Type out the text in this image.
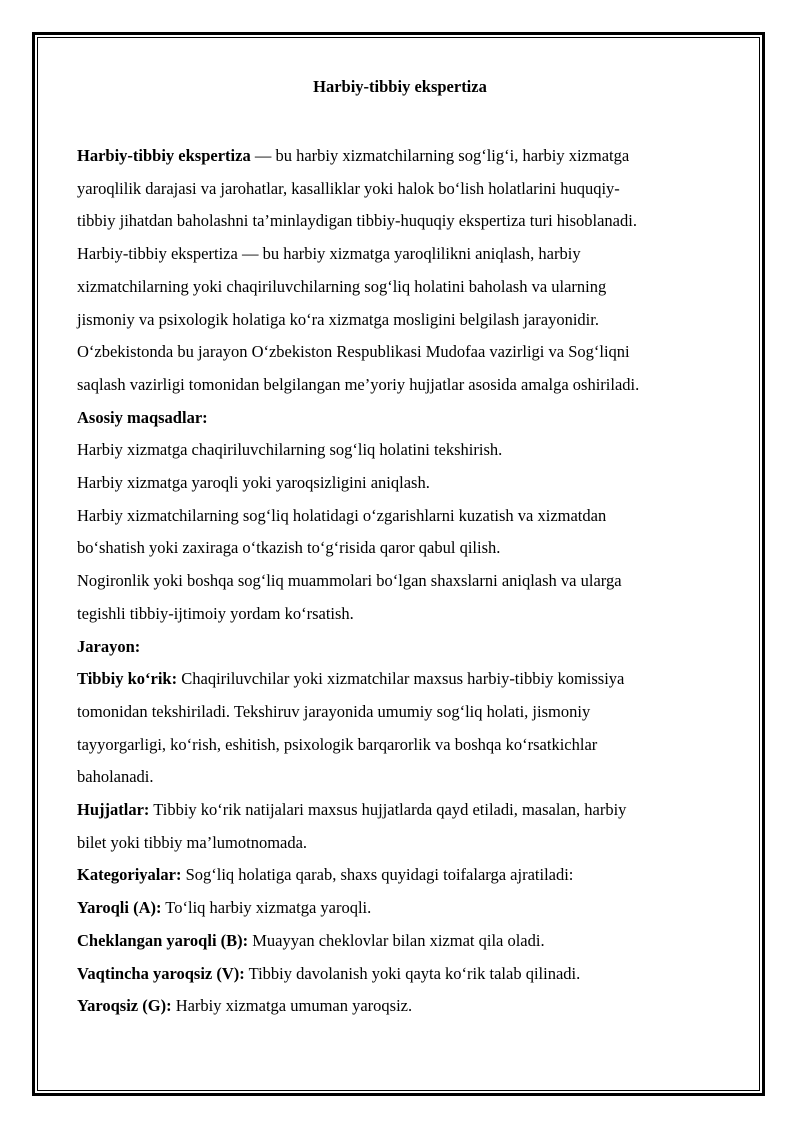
Harbiy-tibbiy ekspertiza

Harbiy-tibbiy ekspertiza — bu harbiy xizmatchilarning sog‘lig‘i, harbiy xizmatga

yaroqlilik darajasi va jarohatlar, kasalliklar yoki halok bo‘lish holatlarini huquqiy-

tibbiy jihatdan baholashni ta’minlaydigan tibbiy-huquqiy ekspertiza turi hisoblanadi.

Harbiy-tibbiy ekspertiza — bu harbiy xizmatga yaroqlilikni aniqlash, harbiy

xizmatchilarning yoki chaqiriluvchilarning sog‘liq holatini baholash va ularning

jismoniy va psixologik holatiga ko‘ra xizmatga mosligini belgilash jarayonidir.

O‘zbekistonda bu jarayon O‘zbekiston Respublikasi Mudofaa vazirligi va Sog‘liqni

saqlash vazirligi tomonidan belgilangan me’yoriy hujjatlar asosida amalga oshiriladi.

Asosiy maqsadlar:

Harbiy xizmatga chaqiriluvchilarning sog‘liq holatini tekshirish.

Harbiy xizmatga yaroqli yoki yaroqsizligini aniqlash.

Harbiy xizmatchilarning sog‘liq holatidagi o‘zgarishlarni kuzatish va xizmatdan

bo‘shatish yoki zaxiraga o‘tkazish to‘g‘risida qaror qabul qilish.

Nogironlik yoki boshqa sog‘liq muammolari bo‘lgan shaxslarni aniqlash va ularga

tegishli tibbiy-ijtimoiy yordam ko‘rsatish.

Jarayon:

Tibbiy ko‘rik: Chaqiriluvchilar yoki xizmatchilar maxsus harbiy-tibbiy komissiya

tomonidan tekshiriladi. Tekshiruv jarayonida umumiy sog‘liq holati, jismoniy

tayyorgarligi, ko‘rish, eshitish, psixologik barqarorlik va boshqa ko‘rsatkichlar

baholanadi.

Hujjatlar: Tibbiy ko‘rik natijalari maxsus hujjatlarda qayd etiladi, masalan, harbiy

bilet yoki tibbiy ma’lumotnomada.

Kategoriyalar: Sog‘liq holatiga qarab, shaxs quyidagi toifalarga ajratiladi:

Yaroqli (A): To‘liq harbiy xizmatga yaroqli.

Cheklangan yaroqli (B): Muayyan cheklovlar bilan xizmat qila oladi.

Vaqtincha yaroqsiz (V): Tibbiy davolanish yoki qayta ko‘rik talab qilinadi.

Yaroqsiz (G): Harbiy xizmatga umuman yaroqsiz.
